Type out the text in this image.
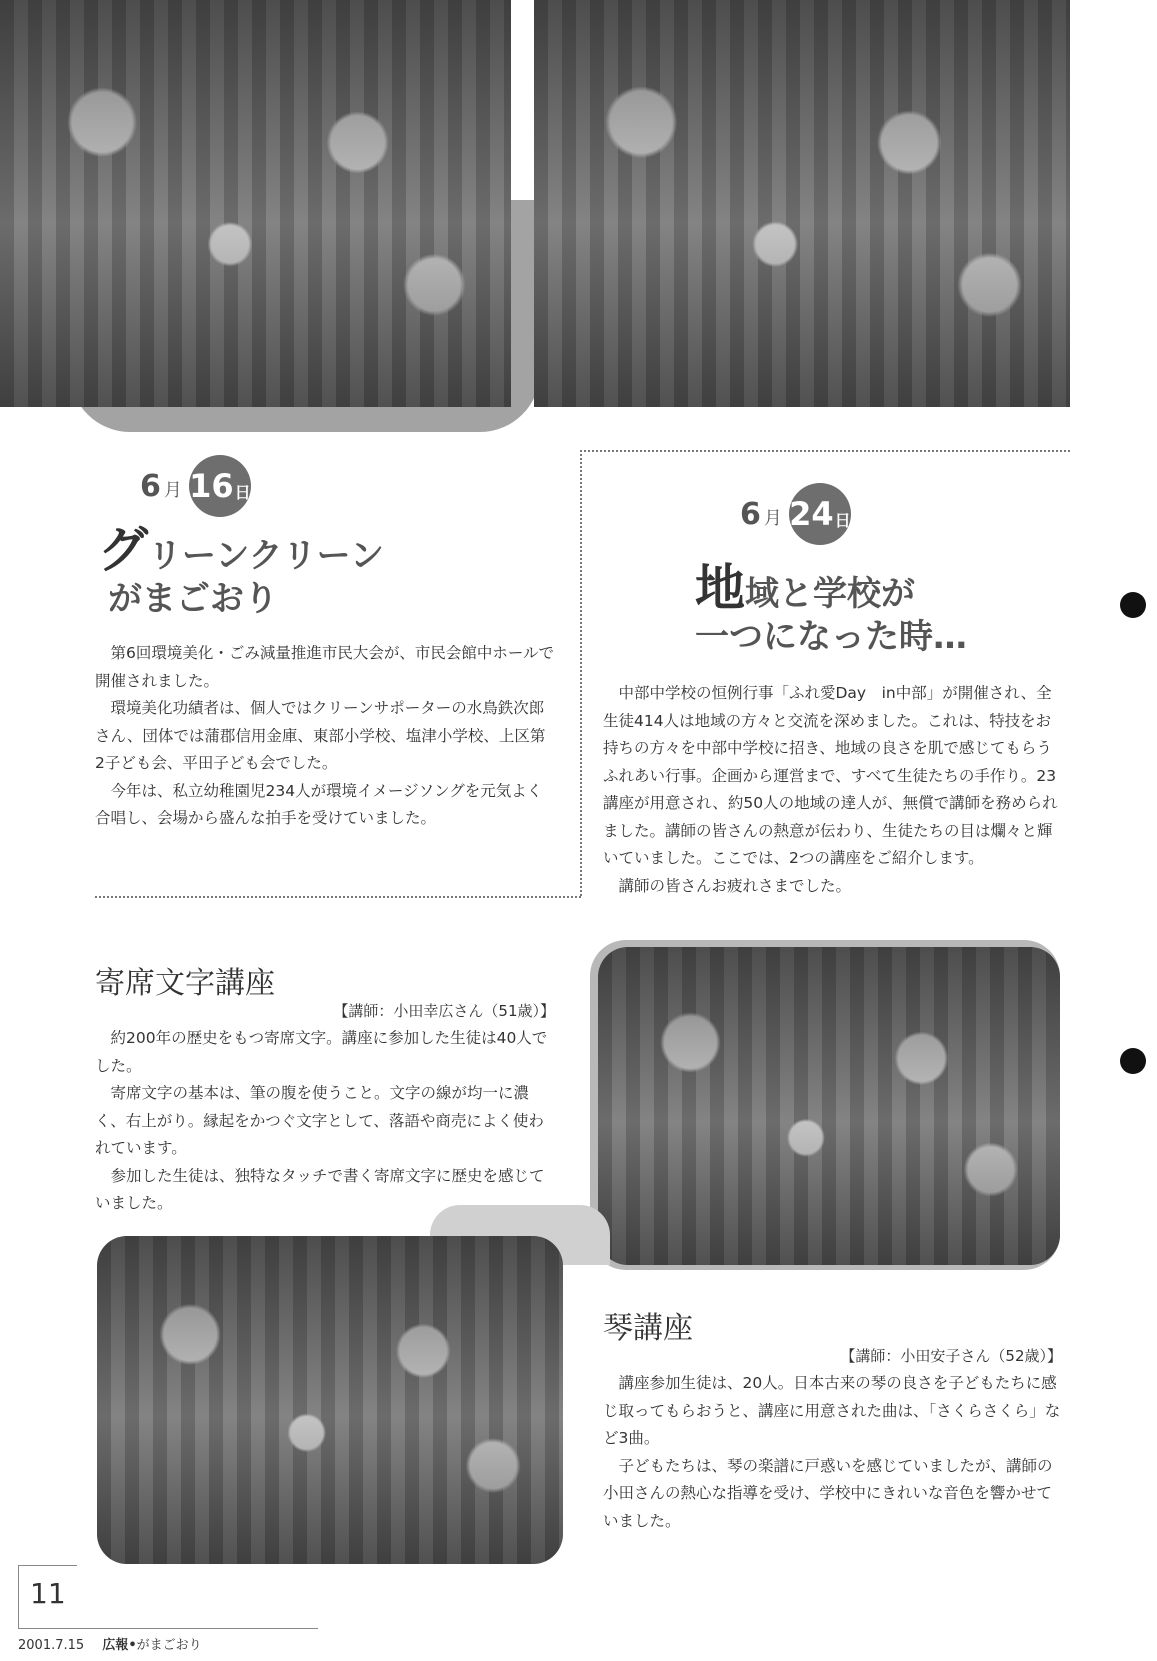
6 月 16 日
グリーンクリーン
がまごおり

第6回環境美化・ごみ減量推進市民大会が、市民会館中ホールで開催されました。

環境美化功績者は、個人ではクリーンサポーターの水鳥鉄次郎さん、団体では蒲郡信用金庫、東部小学校、塩津小学校、上区第2子ども会、平田子ども会でした。

今年は、私立幼稚園児234人が環境イメージソングを元気よく合唱し、会場から盛んな拍手を受けていました。

6 月 24 日
地域と学校が
一つになった時…

中部中学校の恒例行事「ふれ愛Day　in中部」が開催され、全生徒414人は地域の方々と交流を深めました。これは、特技をお持ちの方々を中部中学校に招き、地域の良さを肌で感じてもらうふれあい行事。企画から運営まで、すべて生徒たちの手作り。23講座が用意され、約50人の地域の達人が、無償で講師を務められました。講師の皆さんの熱意が伝わり、生徒たちの目は爛々と輝いていました。ここでは、2つの講座をご紹介します。

講師の皆さんお疲れさまでした。

寄席文字講座
【講師：小田幸広さん（51歳）】

約200年の歴史をもつ寄席文字。講座に参加した生徒は40人でした。

寄席文字の基本は、筆の腹を使うこと。文字の線が均一に濃く、右上がり。縁起をかつぐ文字として、落語や商売によく使われています。

参加した生徒は、独特なタッチで書く寄席文字に歴史を感じていました。

琴講座
【講師：小田安子さん（52歳）】

講座参加生徒は、20人。日本古来の琴の良さを子どもたちに感じ取ってもらおうと、講座に用意された曲は、「さくらさくら」など3曲。

子どもたちは、琴の楽譜に戸惑いを感じていましたが、講師の小田さんの熱心な指導を受け、学校中にきれいな音色を響かせていました。

11
2001.7.15 広報•がまごおり
